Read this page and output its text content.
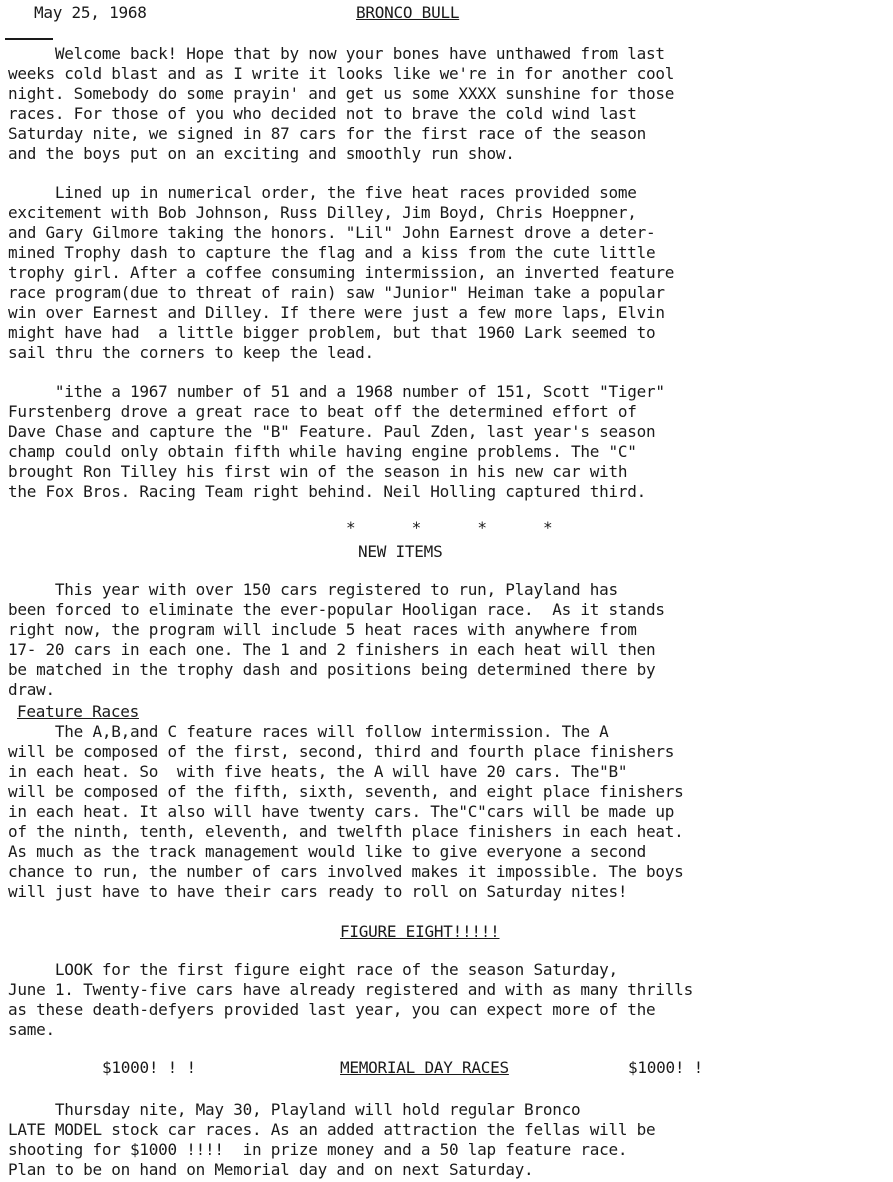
May 25, 1968	BRONCO BULL
Welcome back! Hope that by now your bones have unthawed from last
weeks cold blast and as I write it looks like we're in for another cool
night. Somebody do some prayin' and get us some XXXX sunshine for those
races. For those of you who decided not to brave the cold wind last
Saturday nite, we signed in 87 cars for the first race of the season
and the boys put on an exciting and smoothly run show.
Lined up in numerical order, the five heat races provided some
excitement with Bob Johnson, Russ Dilley, Jim Boyd, Chris Hoeppner,
and Gary Gilmore taking the honors. "Lil" John Earnest drove a deter-
mined Trophy dash to capture the flag and a kiss from the cute little
trophy girl. After a coffee consuming intermission, an inverted feature
race program(due to threat of rain) saw "Junior" Heiman take a popular
win over Earnest and Dilley. If there were just a few more laps, Elvin
might have had  a little bigger problem, but that 1960 Lark seemed to
sail thru the corners to keep the lead.
"ithe a 1967 number of 51 and a 1968 number of 151, Scott "Tiger"
Furstenberg drove a great race to beat off the determined effort of
Dave Chase and capture the "B" Feature. Paul Zden, last year's season
champ could only obtain fifth while having engine problems. The "C"
brought Ron Tilley his first win of the season in his new car with
the Fox Bros. Racing Team right behind. Neil Holling captured third.
*      *      *      *
NEW ITEMS
This year with over 150 cars registered to run, Playland has
been forced to eliminate the ever-popular Hooligan race.  As it stands
right now, the program will include 5 heat races with anywhere from
17- 20 cars in each one. The 1 and 2 finishers in each heat will then
be matched in the trophy dash and positions being determined there by
draw.
Feature Races
The A,B,and C feature races will follow intermission. The A
will be composed of the first, second, third and fourth place finishers
in each heat. So  with five heats, the A will have 20 cars. The"B"
will be composed of the fifth, sixth, seventh, and eight place finishers
in each heat. It also will have twenty cars. The"C"cars will be made up
of the ninth, tenth, eleventh, and twelfth place finishers in each heat.
As much as the track management would like to give everyone a second
chance to run, the number of cars involved makes it impossible. The boys
will just have to have their cars ready to roll on Saturday nites!
FIGURE EIGHT!!!!!
LOOK for the first figure eight race of the season Saturday,
June 1. Twenty-five cars have already registered and with as many thrills
as these death-defyers provided last year, you can expect more of the
same.
$1000! ! !	MEMORIAL DAY RACES	$1000! !
Thursday nite, May 30, Playland will hold regular Bronco
LATE MODEL stock car races. As an added attraction the fellas will be
shooting for $1000 !!!!  in prize money and a 50 lap feature race.
Plan to be on hand on Memorial day and on next Saturday.
